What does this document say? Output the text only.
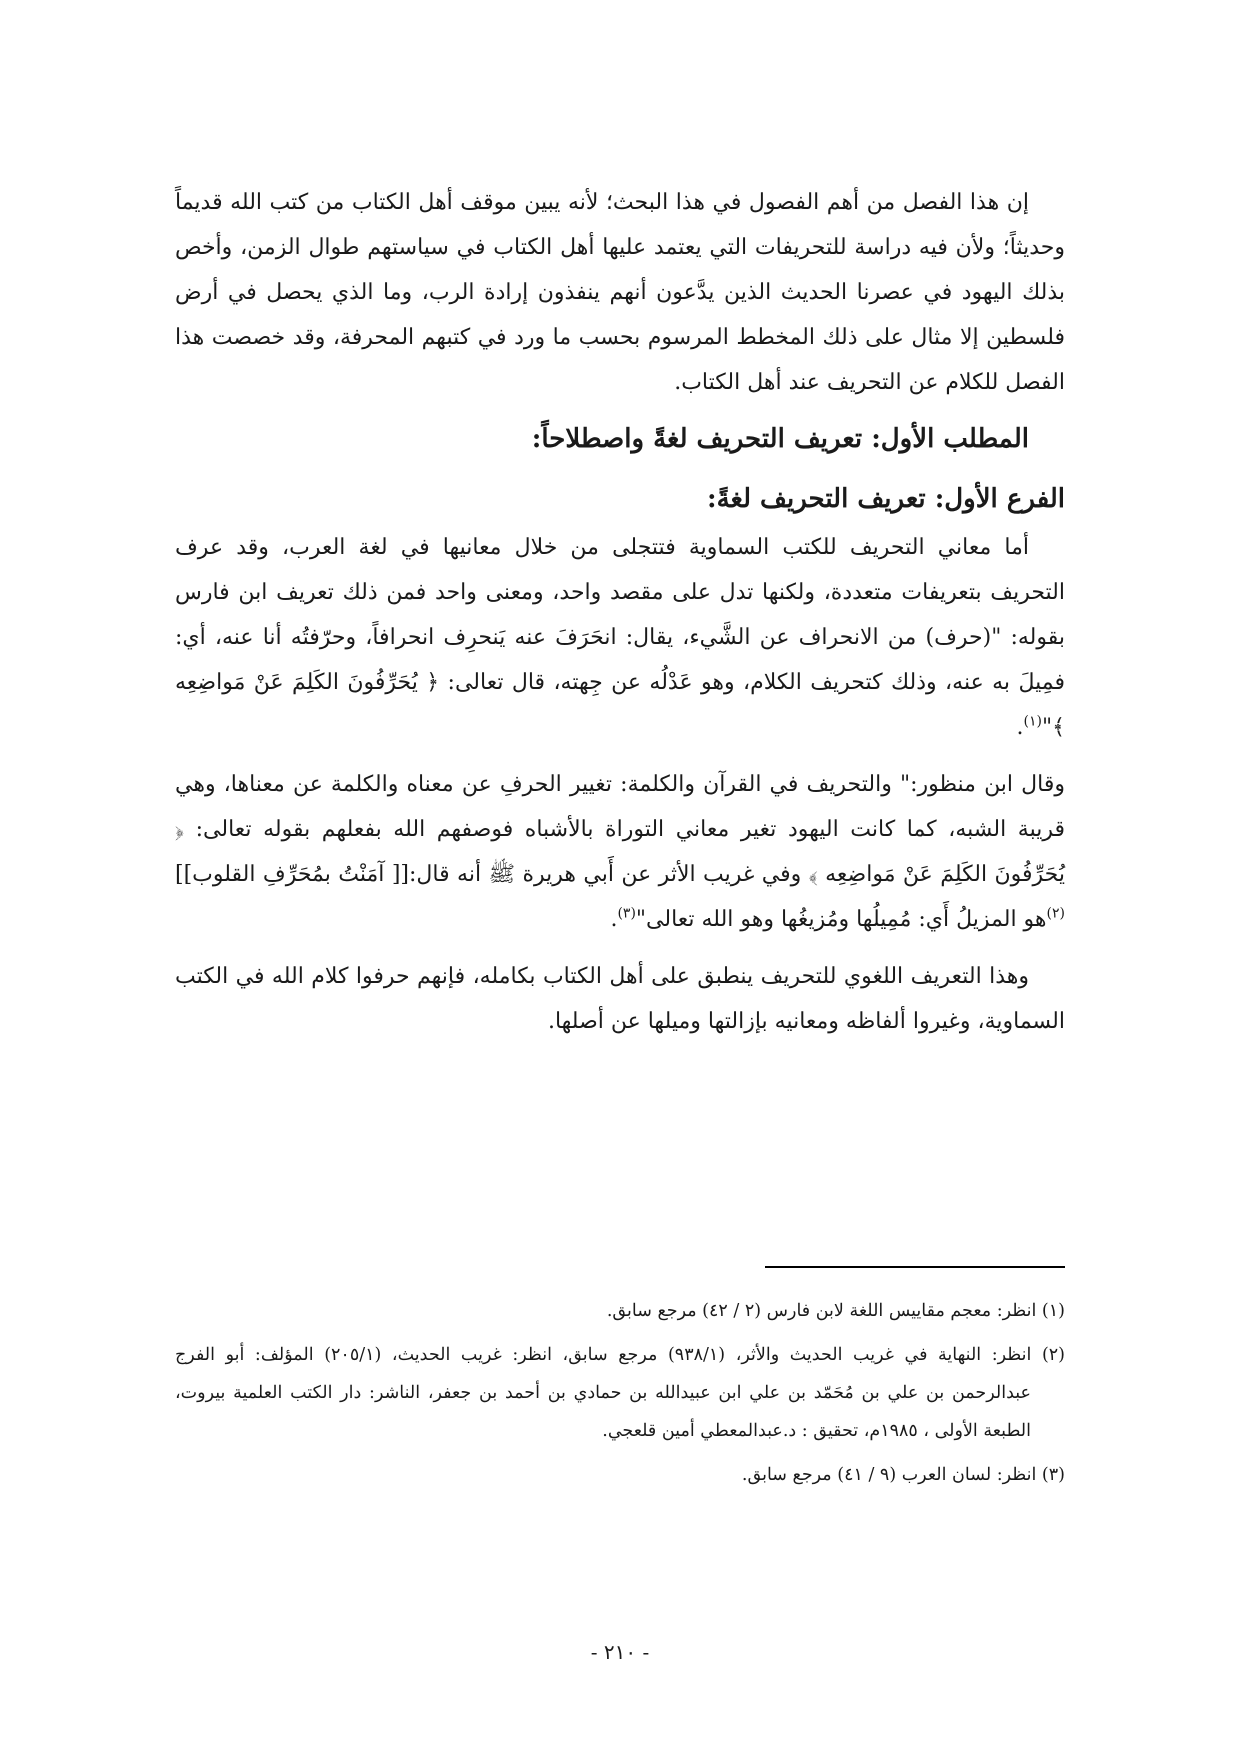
إن هذا الفصل من أهم الفصول في هذا البحث؛ لأنه يبين موقف أهل الكتاب من كتب الله قديماً وحديثاً؛ ولأن فيه دراسة للتحريفات التي يعتمد عليها أهل الكتاب في سياستهم طوال الزمن، وأخص بذلك اليهود في عصرنا الحديث الذين يدَّعون أنهم ينفذون إرادة الرب، وما الذي يحصل في أرض فلسطين إلا مثال على ذلك المخطط المرسوم بحسب ما ورد في كتبهم المحرفة، وقد خصصت هذا الفصل للكلام عن التحريف عند أهل الكتاب.

المطلب الأول: تعريف التحريف لغةً واصطلاحاً:
الفرع الأول: تعريف التحريف لغةً:

أما معاني التحريف للكتب السماوية فتتجلى من خلال معانيها في لغة العرب، وقد عرف التحريف بتعريفات متعددة، ولكنها تدل على مقصد واحد، ومعنى واحد فمن ذلك تعريف ابن فارس بقوله: "(حرف) من الانحراف عن الشَّيء، يقال: انحَرَفَ عنه يَنحرِف انحرافاً، وحرّفتُه أنا عنه، أي: فمِيلَ به عنه، وذلك كتحريف الكلام، وهو عَدْلُه عن جِهته، قال تعالى: ﴿ يُحَرِّفُونَ الكَلِمَ عَنْ مَواضِعِه ﴾"$^{(١)}$.

وقال ابن منظور:" والتحريف في القرآن والكلمة: تغيير الحرفِ عن معناه والكلمة عن معناها، وهي قريبة الشبه، كما كانت اليهود تغير معاني التوراة بالأشباه فوصفهم الله بفعلهم بقوله تعالى: ﴿ يُحَرِّفُونَ الكَلِمَ عَنْ مَواضِعِه ﴾ وفي غريب الأثر عن أَبي هريرة ﷺ أنه قال:[[ آمَنْتُ بمُحَرِّفِ القلوب]]$^{(٢)}$هو المزيلُ أَي: مُمِيلُها ومُزيغُها وهو الله تعالى"$^{(٣)}$.

وهذا التعريف اللغوي للتحريف ينطبق على أهل الكتاب بكامله، فإنهم حرفوا كلام الله في الكتب السماوية، وغيروا ألفاظه ومعانيه بإزالتها وميلها عن أصلها.

(١) انظر: معجم مقاييس اللغة لابن فارس (٢ / ٤٢) مرجع سابق.

(٢) انظر: النهاية في غريب الحديث والأثر، (٩٣٨/١) مرجع سابق، انظر: غريب الحديث، (٢٠٥/١) المؤلف: أبو الفرج عبدالرحمن بن علي بن مُحَمّد بن علي ابن عبيدالله بن حمادي بن أحمد بن جعفر، الناشر: دار الكتب العلمية بيروت، الطبعة الأولى ، ١٩٨٥م، تحقيق : د.عبدالمعطي أمين قلعجي.

(٣) انظر: لسان العرب (٩ / ٤١) مرجع سابق.

- ٢١٠ -
